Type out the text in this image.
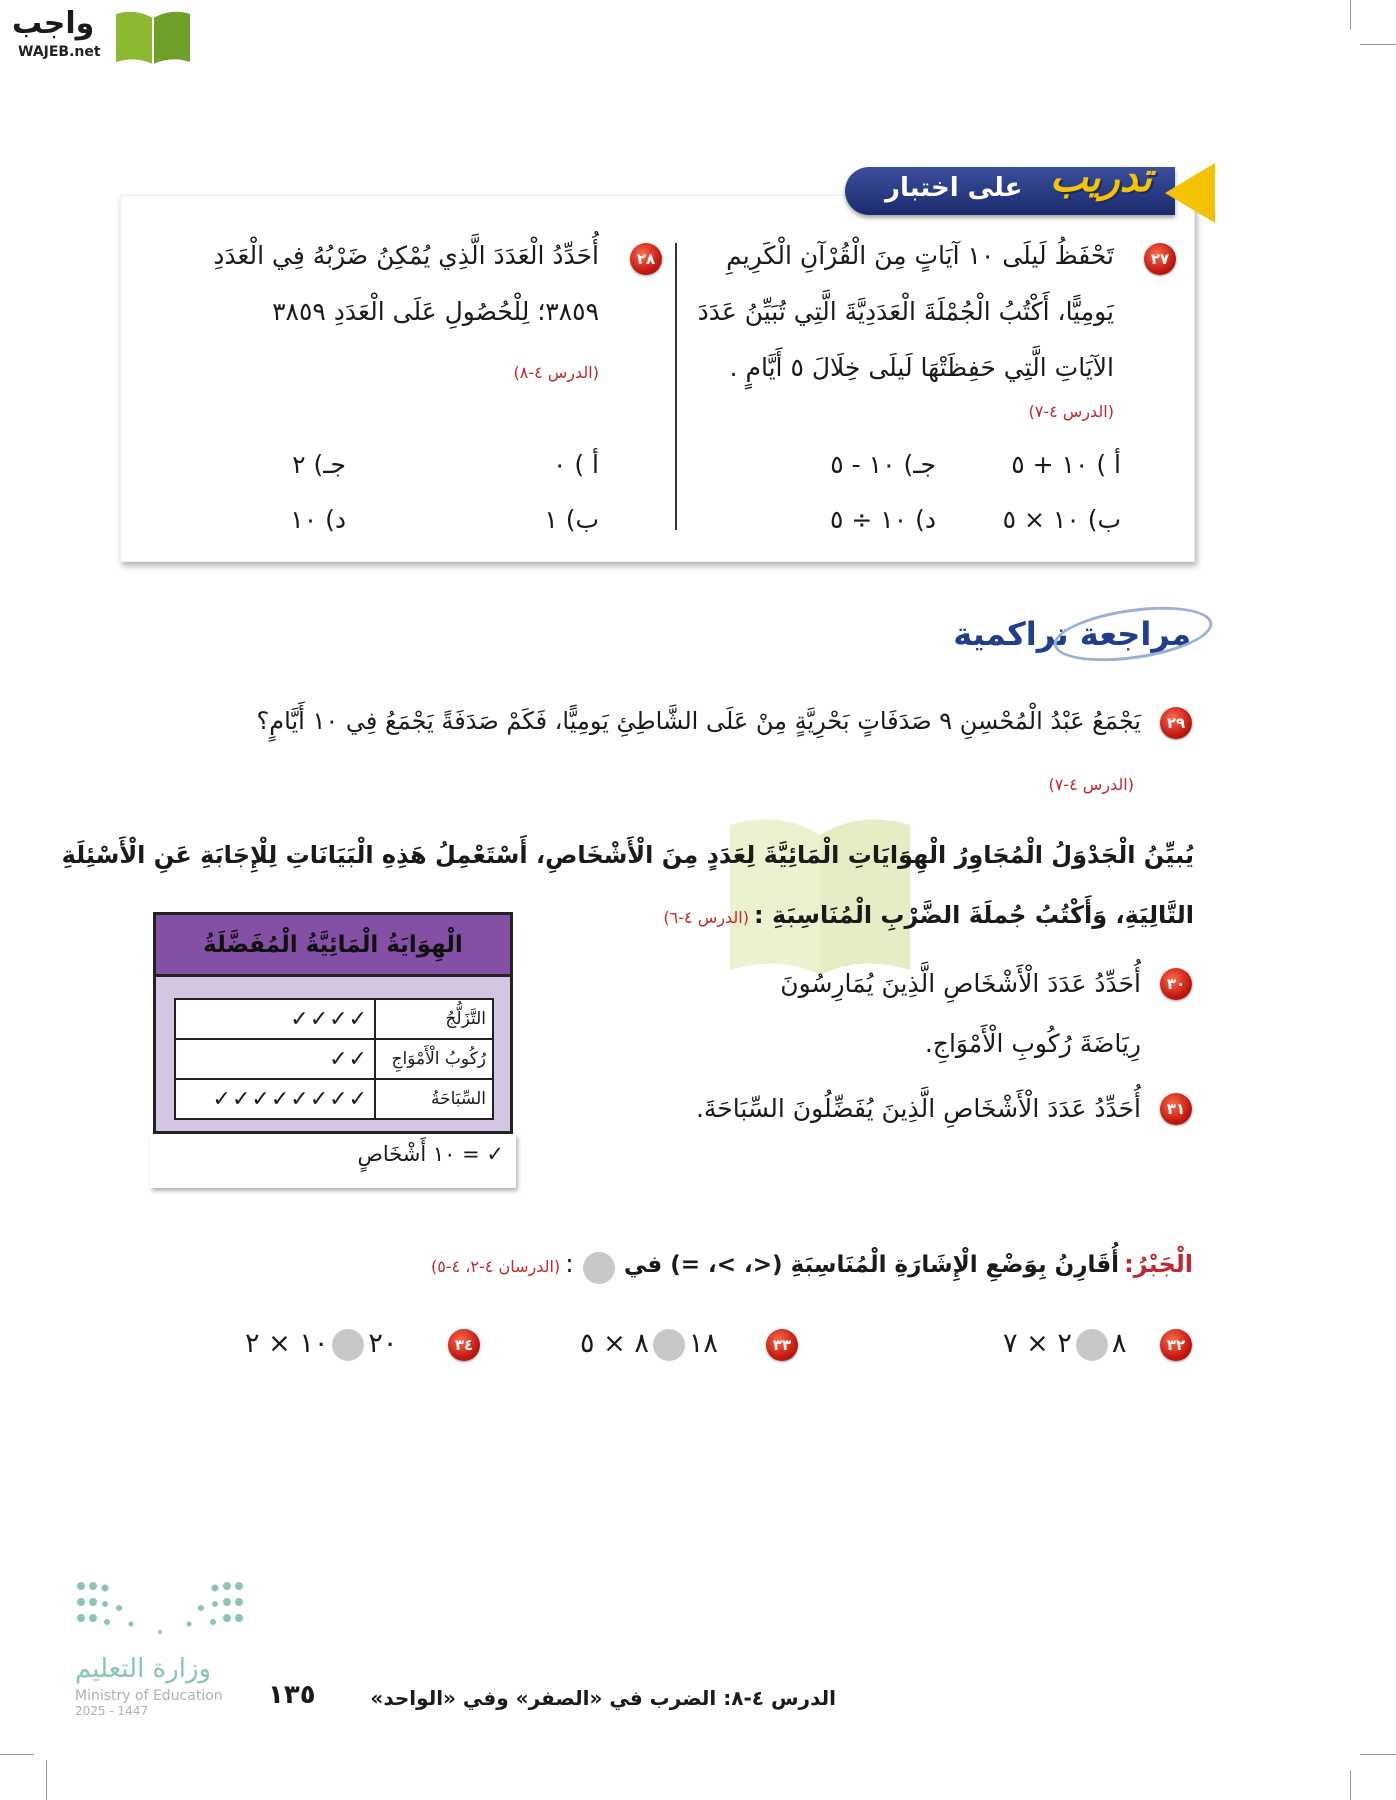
واجب
WAJEB.net
على اختبار تدريب
٢٧
تَحْفَظُ لَيلَى ١٠ آيَاتٍ مِنَ الْقُرْآنِ الْكَرِيمِ
يَومِيًّا، أَكْتُبُ الْجُمْلَةَ الْعَدَدِيَّةَ الَّتِي تُبَيِّنُ عَدَدَ
الآيَاتِ الَّتِي حَفِظَتْهَا لَيلَى خِلَالَ ٥ أَيَّامٍ .
(الدرس ٤-٧)
أ ) ١٠ + ٥
ب) ١٠ × ٥
جـ) ١٠ - ٥
د) ١٠ ÷ ٥
٢٨
أُحَدِّدُ الْعَدَدَ الَّذِي يُمْكِنُ ضَرْبُهُ فِي الْعَدَدِ
٣٨٥٩؛ لِلْحُصُولِ عَلَى الْعَدَدِ ٣٨٥٩
(الدرس ٤-٨)
أ ) ٠
ب) ١
جـ) ٢
د) ١٠
مراجعة تراكمية
٢٩
يَجْمَعُ عَبْدُ الْمُحْسِنِ ٩ صَدَفَاتٍ بَحْرِيَّةٍ مِنْ عَلَى الشَّاطِئِ يَومِيًّا، فَكَمْ صَدَفَةً يَجْمَعُ فِي ١٠ أَيَّامٍ؟
(الدرس ٤-٧)
يُبيِّنُ الْجَدْوَلُ الْمُجَاوِرُ الْهِوَايَاتِ الْمَائِيَّةَ لِعَدَدٍ مِنَ الْأَشْخَاصِ، أَسْتَعْمِلُ هَذِهِ الْبَيَانَاتِ لِلْإِجَابَةِ عَنِ الْأَسْئِلَةِ
التَّالِيَةِ، وَأَكْتُبُ جُملَةَ الضَّرْبِ الْمُنَاسِبَةِ : (الدرس ٤-٦)
الْهِوَايَةُ الْمَائِيَّةُ الْمُفَضَّلَةُ
التَّزَلُّجُ	✓✓✓✓
رُكُوبُ الْأَمْوَاجِ	✓✓
السِّبَاحَةُ	✓✓✓✓✓✓✓✓
✓ = ١٠ أَشْخَاصٍ
٣٠
أُحَدِّدُ عَدَدَ الْأَشْخَاصِ الَّذِينَ يُمَارِسُونَ
رِيَاضَةَ رُكُوبِ الْأَمْوَاجِ.
٣١
أُحَدِّدُ عَدَدَ الْأَشْخَاصِ الَّذِينَ يُفَضِّلُونَ السِّبَاحَةَ.
الْجَبْرُ: أُقَارِنُ بِوَضْعِ الْإِشَارَةِ الْمُنَاسِبَةِ (<، >، =) في  : (الدرسان ٤-٢، ٤-٥)
٣٢
٨٢ × ٧
٣٣
١٨٨ × ٥
٣٤
٢٠١٠ × ٢
وزارة التعليم
Ministry of Education
2025 - 1447
١٣٥	الدرس ٤-٨: الضرب في «الصفر» وفي «الواحد»
